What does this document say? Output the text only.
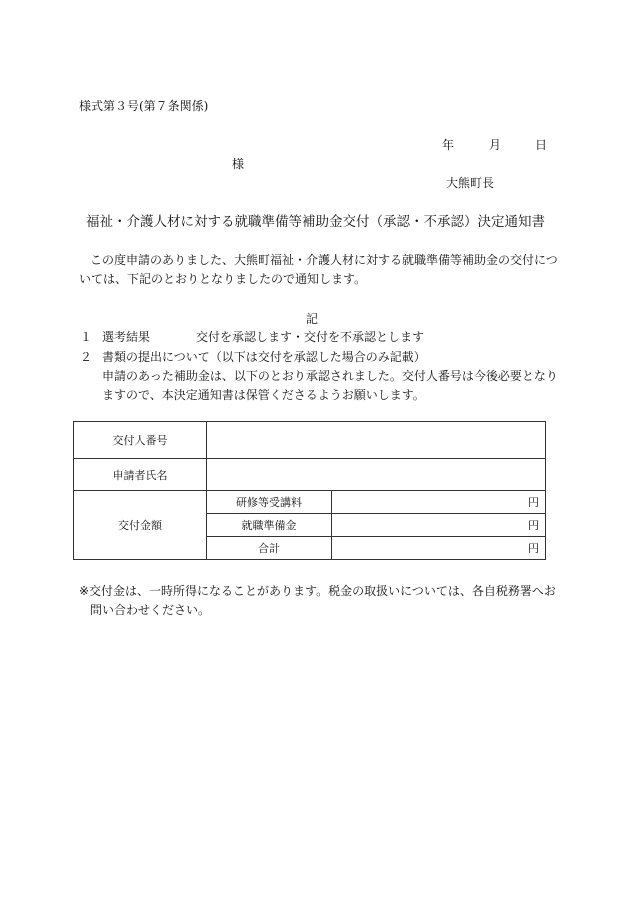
様式第３号(第７条関係)
年	月	日
様
大熊町長
福祉・介護人材に対する就職準備等補助金交付（承認・不承認）決定通知書
この度申請のありました、大熊町福祉・介護人材に対する就職準備等補助金の交付につ
いては、下記のとおりとなりましたので通知します。
記
１ 選考結果	交付を承認します・交付を不承認とします
２ 書類の提出について（以下は交付を承認した場合のみ記載）
申請のあった補助金は、以下のとおり承認されました。交付人番号は今後必要となり
ますので、本決定通知書は保管くださるようお願いします。
交付人番号		
申請者氏名		
交付金額	研修等受講料	円
	就職準備金	円
	合計	円
※交付金は、一時所得になることがあります。税金の取扱いについては、各自税務署へお
問い合わせください。
